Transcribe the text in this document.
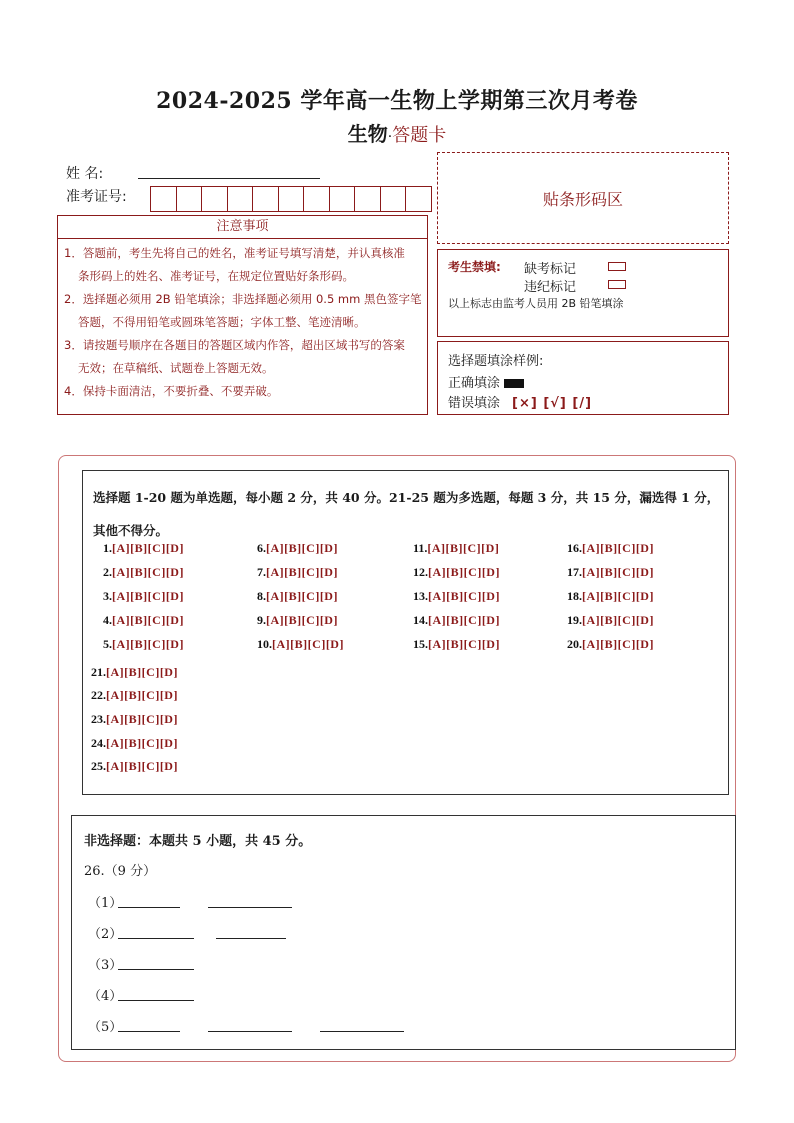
2024-2025 学年高一生物上学期第三次月考卷
生物·答题卡
姓 名:
准考证号:	贴条形码区
注意事项
1．答题前，考生先将自己的姓名，准考证号填写清楚，并认真核准
条形码上的姓名、准考证号，在规定位置贴好条形码。
2．选择题必须用 2B 铅笔填涂；非选择题必须用 0.5 mm 黑色签字笔
答题，不得用铅笔或圆珠笔答题；字体工整、笔迹清晰。
3．请按题号顺序在各题目的答题区域内作答，超出区域书写的答案
无效；在草稿纸、试题卷上答题无效。
4．保持卡面清洁，不要折叠、不要弄破。
考生禁填: 缺考标记
违纪标记
以上标志由监考人员用 2B 铅笔填涂
选择题填涂样例:
正确填涂
错误填涂 [×] [√] [/]
选择题 1-20 题为单选题，每小题 2 分，共 40 分。21-25 题为多选题，每题 3 分，共 15 分，漏选得 1 分，其他不得分。
1.[A][B][C][D]
2.[A][B][C][D]
3.[A][B][C][D]
4.[A][B][C][D]
5.[A][B][C][D]
6.[A][B][C][D]
7.[A][B][C][D]
8.[A][B][C][D]
9.[A][B][C][D]
10.[A][B][C][D]
11.[A][B][C][D]
12.[A][B][C][D]
13.[A][B][C][D]
14.[A][B][C][D]
15.[A][B][C][D]
16.[A][B][C][D]
17.[A][B][C][D]
18.[A][B][C][D]
19.[A][B][C][D]
20.[A][B][C][D]
21.[A][B][C][D]
22.[A][B][C][D]
23.[A][B][C][D]
24.[A][B][C][D]
25.[A][B][C][D]
非选择题：本题共 5 小题，共 45 分。
26.（9 分）
（1）
（2）
（3）
（4）
（5）
